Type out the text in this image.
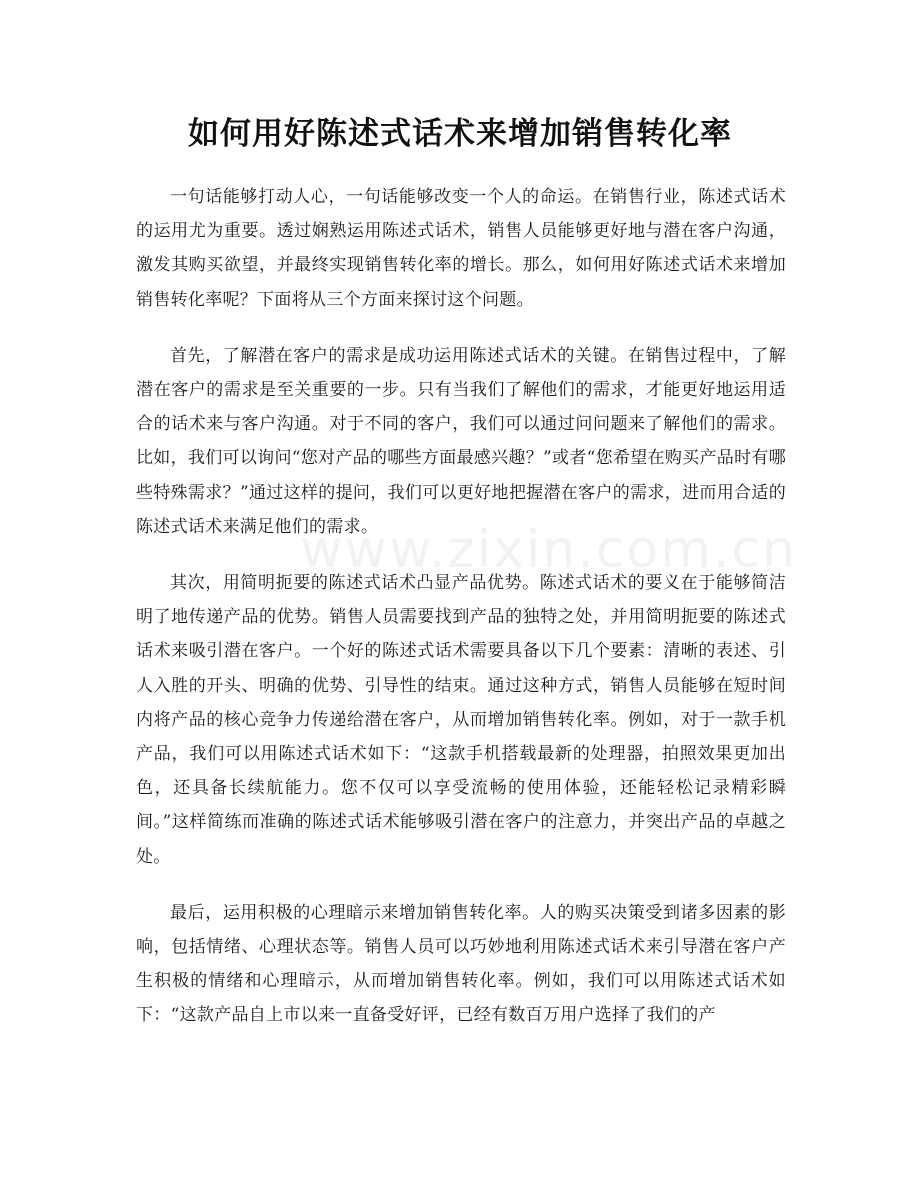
如何用好陈述式话术来增加销售转化率
www.zixin.com.cn

一句话能够打动人心，一句话能够改变一个人的命运。在销售行业，陈述式话术的运用尤为重要。透过娴熟运用陈述式话术，销售人员能够更好地与潜在客户沟通，激发其购买欲望，并最终实现销售转化率的增长。那么，如何用好陈述式话术来增加销售转化率呢？下面将从三个方面来探讨这个问题。

首先，了解潜在客户的需求是成功运用陈述式话术的关键。在销售过程中，了解潜在客户的需求是至关重要的一步。只有当我们了解他们的需求，才能更好地运用适合的话术来与客户沟通。对于不同的客户，我们可以通过问问题来了解他们的需求。比如，我们可以询问“您对产品的哪些方面最感兴趣？”或者“您希望在购买产品时有哪些特殊需求？”通过这样的提问，我们可以更好地把握潜在客户的需求，进而用合适的陈述式话术来满足他们的需求。

其次，用简明扼要的陈述式话术凸显产品优势。陈述式话术的要义在于能够简洁明了地传递产品的优势。销售人员需要找到产品的独特之处，并用简明扼要的陈述式话术来吸引潜在客户。一个好的陈述式话术需要具备以下几个要素：清晰的表述、引人入胜的开头、明确的优势、引导性的结束。通过这种方式，销售人员能够在短时间内将产品的核心竞争力传递给潜在客户，从而增加销售转化率。例如，对于一款手机产品，我们可以用陈述式话术如下：“这款手机搭载最新的处理器，拍照效果更加出色，还具备长续航能力。您不仅可以享受流畅的使用体验，还能轻松记录精彩瞬间。”这样简练而准确的陈述式话术能够吸引潜在客户的注意力，并突出产品的卓越之处。

最后，运用积极的心理暗示来增加销售转化率。人的购买决策受到诸多因素的影响，包括情绪、心理状态等。销售人员可以巧妙地利用陈述式话术来引导潜在客户产生积极的情绪和心理暗示，从而增加销售转化率。例如，我们可以用陈述式话术如下：“这款产品自上市以来一直备受好评，已经有数百万用户选择了我们的产
